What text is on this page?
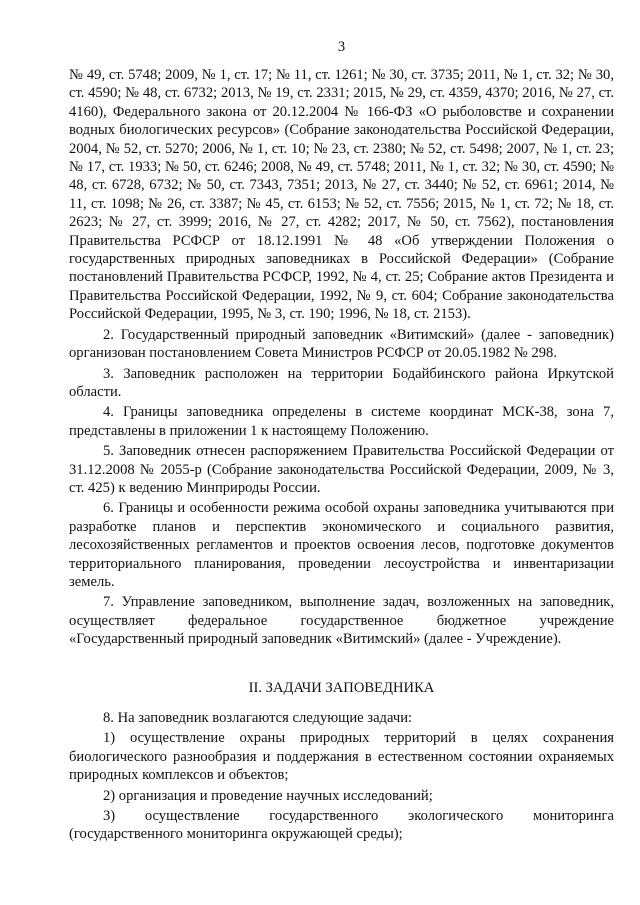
3

№ 49, ст. 5748; 2009, № 1, ст. 17; № 11, ст. 1261; № 30, ст. 3735; 2011, № 1, ст. 32; № 30, ст. 4590; № 48, ст. 6732; 2013, № 19, ст. 2331; 2015, № 29, ст. 4359, 4370; 2016, № 27, ст. 4160), Федерального закона от 20.12.2004 № 166-ФЗ «О рыболовстве и сохранении водных биологических ресурсов» (Собрание законодательства Российской Федерации, 2004, № 52, ст. 5270; 2006, № 1, ст. 10; № 23, ст. 2380; № 52, ст. 5498; 2007, № 1, ст. 23; № 17, ст. 1933; № 50, ст. 6246; 2008, № 49, ст. 5748; 2011, № 1, ст. 32; № 30, ст. 4590; № 48, ст. 6728, 6732; № 50, ст. 7343, 7351; 2013, № 27, ст. 3440; № 52, ст. 6961; 2014, № 11, ст. 1098; № 26, ст. 3387; № 45, ст. 6153; № 52, ст. 7556; 2015, № 1, ст. 72; № 18, ст. 2623; № 27, ст. 3999; 2016, № 27, ст. 4282; 2017, № 50, ст. 7562), постановления Правительства РСФСР от 18.12.1991 № 48 «Об утверждении Положения о государственных природных заповедниках в Российской Федерации» (Собрание постановлений Правительства РСФСР, 1992, № 4, ст. 25; Собрание актов Президента и Правительства Российской Федерации, 1992, № 9, ст. 604; Собрание законодательства Российской Федерации, 1995, № 3, ст. 190; 1996, № 18, ст. 2153).

2. Государственный природный заповедник «Витимский» (далее - заповедник) организован постановлением Совета Министров РСФСР от 20.05.1982 № 298.

3. Заповедник расположен на территории Бодайбинского района Иркутской области.

4. Границы заповедника определены в системе координат МСК-38, зона 7, представлены в приложении 1 к настоящему Положению.

5. Заповедник отнесен распоряжением Правительства Российской Федерации от 31.12.2008 № 2055-р (Собрание законодательства Российской Федерации, 2009, № 3, ст. 425) к ведению Минприроды России.

6. Границы и особенности режима особой охраны заповедника учитываются при разработке планов и перспектив экономического и социального развития, лесохозяйственных регламентов и проектов освоения лесов, подготовке документов территориального планирования, проведении лесоустройства и инвентаризации земель.

7. Управление заповедником, выполнение задач, возложенных на заповедник, осуществляет федеральное государственное бюджетное учреждение «Государственный природный заповедник «Витимский» (далее - Учреждение).

II. ЗАДАЧИ ЗАПОВЕДНИКА

8. На заповедник возлагаются следующие задачи:

1) осуществление охраны природных территорий в целях сохранения биологического разнообразия и поддержания в естественном состоянии охраняемых природных комплексов и объектов;

2) организация и проведение научных исследований;

3) осуществление государственного экологического мониторинга (государственного мониторинга окружающей среды);
